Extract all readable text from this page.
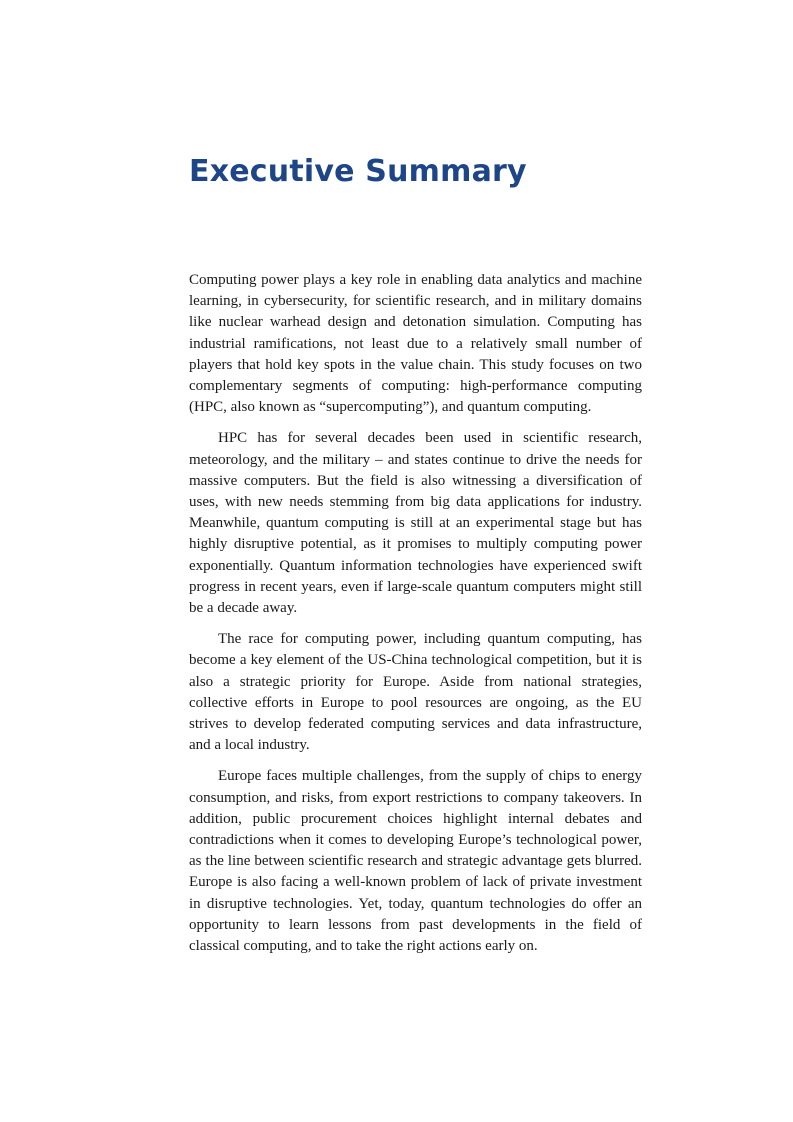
Executive Summary

Computing power plays a key role in enabling data analytics and machine learning, in cybersecurity, for scientific research, and in military domains like nuclear warhead design and detonation simulation. Computing has industrial ramifications, not least due to a relatively small number of players that hold key spots in the value chain. This study focuses on two complementary segments of computing: high-performance computing (HPC, also known as “supercomputing”), and quantum computing.

HPC has for several decades been used in scientific research, meteorology, and the military – and states continue to drive the needs for massive computers. But the field is also witnessing a diversification of uses, with new needs stemming from big data applications for industry. Meanwhile, quantum computing is still at an experimental stage but has highly disruptive potential, as it promises to multiply computing power exponentially. Quantum information technologies have experienced swift progress in recent years, even if large-scale quantum computers might still be a decade away.

The race for computing power, including quantum computing, has become a key element of the US-China technological competition, but it is also a strategic priority for Europe. Aside from national strategies, collective efforts in Europe to pool resources are ongoing, as the EU strives to develop federated computing services and data infrastructure, and a local industry.

Europe faces multiple challenges, from the supply of chips to energy consumption, and risks, from export restrictions to company takeovers. In addition, public procurement choices highlight internal debates and contradictions when it comes to developing Europe’s technological power, as the line between scientific research and strategic advantage gets blurred. Europe is also facing a well-known problem of lack of private investment in disruptive technologies. Yet, today, quantum technologies do offer an opportunity to learn lessons from past developments in the field of classical computing, and to take the right actions early on.
